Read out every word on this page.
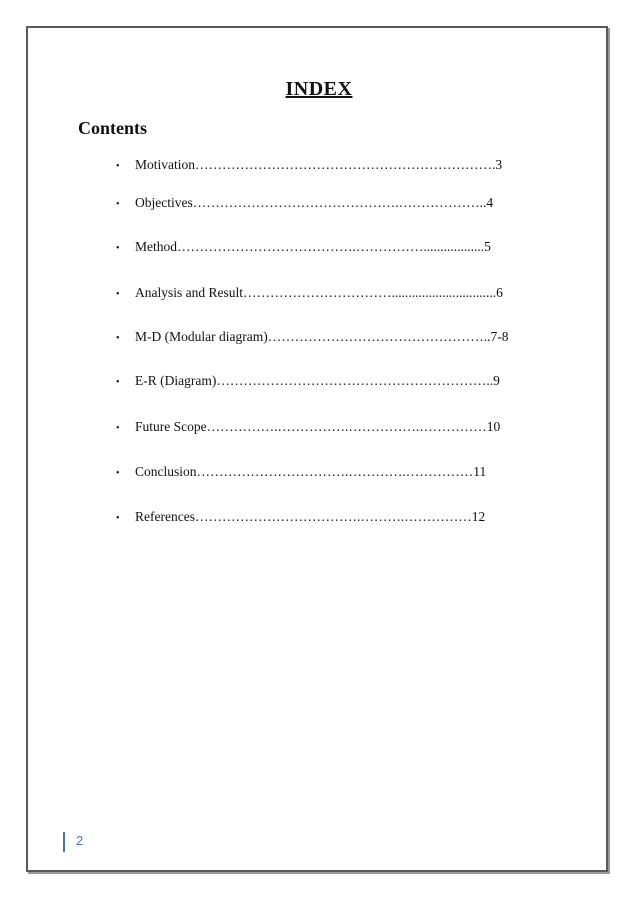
INDEX
Contents
•	Motivation …………………………………………………………. 3
•	Objectives ……………………………………….……………….. 4
•	Method ………………………………….…………….................. 5
•	Analysis and Result ……………………………............................... 6
•	M-D (Modular diagram) ………………………………………….. 7-8
•	E-R (Diagram) …………………………………………………….. 9
•	Future Scope …………….…………….…………….…………… 10
•	Conclusion …………………………….………….…………… 11
•	References ……………………………….……….…………… 12
2
